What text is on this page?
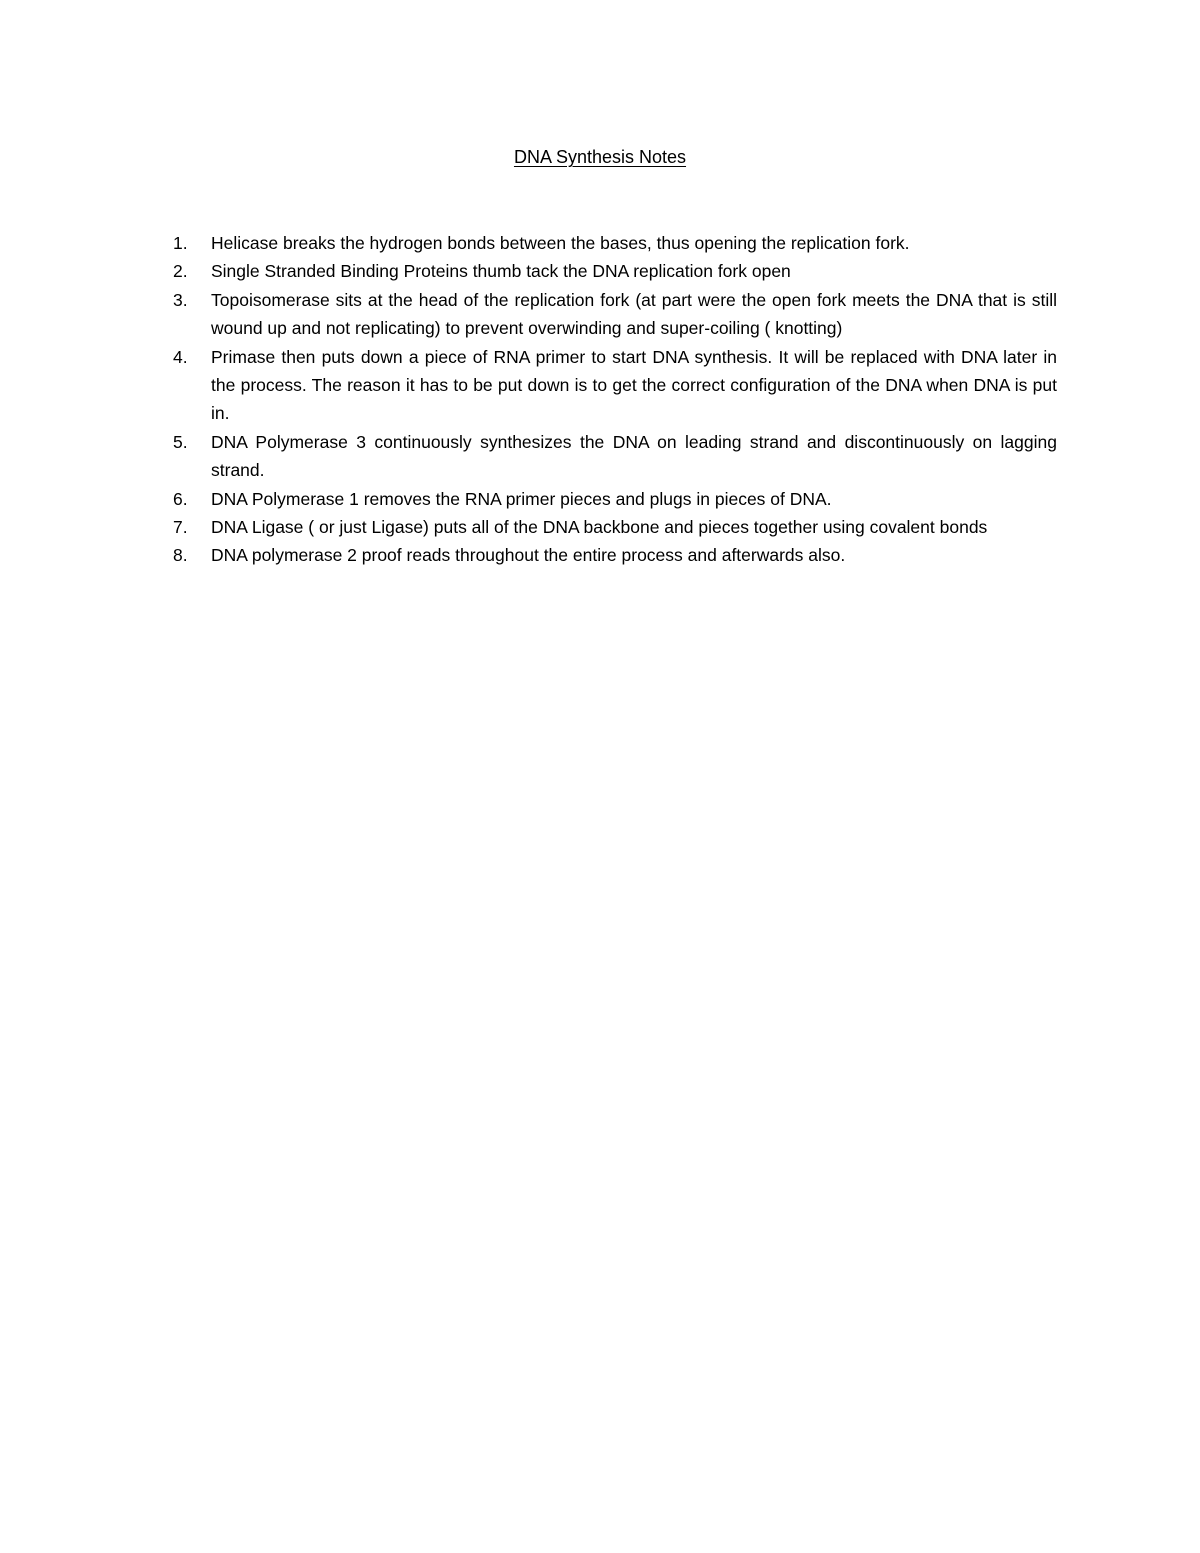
DNA Synthesis Notes
1.	Helicase breaks the hydrogen bonds between the bases, thus opening the replication fork.
2.	Single Stranded Binding Proteins thumb tack the DNA replication fork open
3.	Topoisomerase sits at the head of the replication fork (at part were the open fork meets the DNA that is still wound up and not replicating) to prevent overwinding and super-coiling ( knotting)
4.	Primase then puts down a piece of RNA primer to start DNA synthesis. It will be replaced with DNA later in the process. The reason it has to be put down is to get the correct configuration of the DNA when DNA is put in.
5.	DNA Polymerase 3 continuously synthesizes the DNA on leading strand and discontinuously on lagging strand.
6.	DNA Polymerase 1 removes the RNA primer pieces and plugs in pieces of DNA.
7.	DNA Ligase ( or just Ligase) puts all of the DNA backbone and pieces together using covalent bonds
8.	DNA polymerase 2 proof reads throughout the entire process and afterwards also.
